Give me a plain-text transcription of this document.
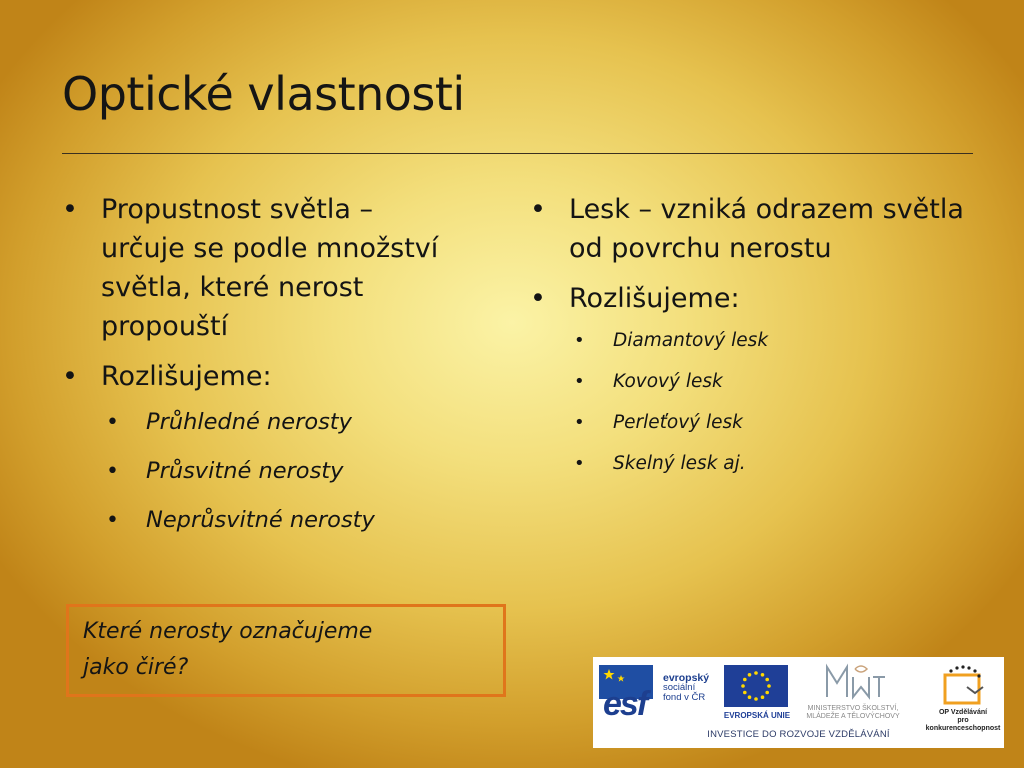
Optické vlastnosti
• Propustnost světla – určuje se podle množství světla, které nerost propouští
• Rozlišujeme:
• Průhledné nerosty
• Průsvitné nerosty
• Neprůsvitné nerosty
• Lesk – vzniká odrazem světla od povrchu nerostu
• Rozlišujeme:
• Diamantový lesk
• Kovový lesk
• Perleťový lesk
• Skelný lesk aj.
Které nerosty označujeme
jako čiré?
esf
evropský
sociální
fond v ČR
EVROPSKÁ UNIE
MINISTERSTVO ŠKOLSTVÍ,
MLÁDEŽE A TĚLOVÝCHOVY
OP Vzdělávání
pro konkurenceschopnost
INVESTICE DO ROZVOJE VZDĚLÁVÁNÍ
